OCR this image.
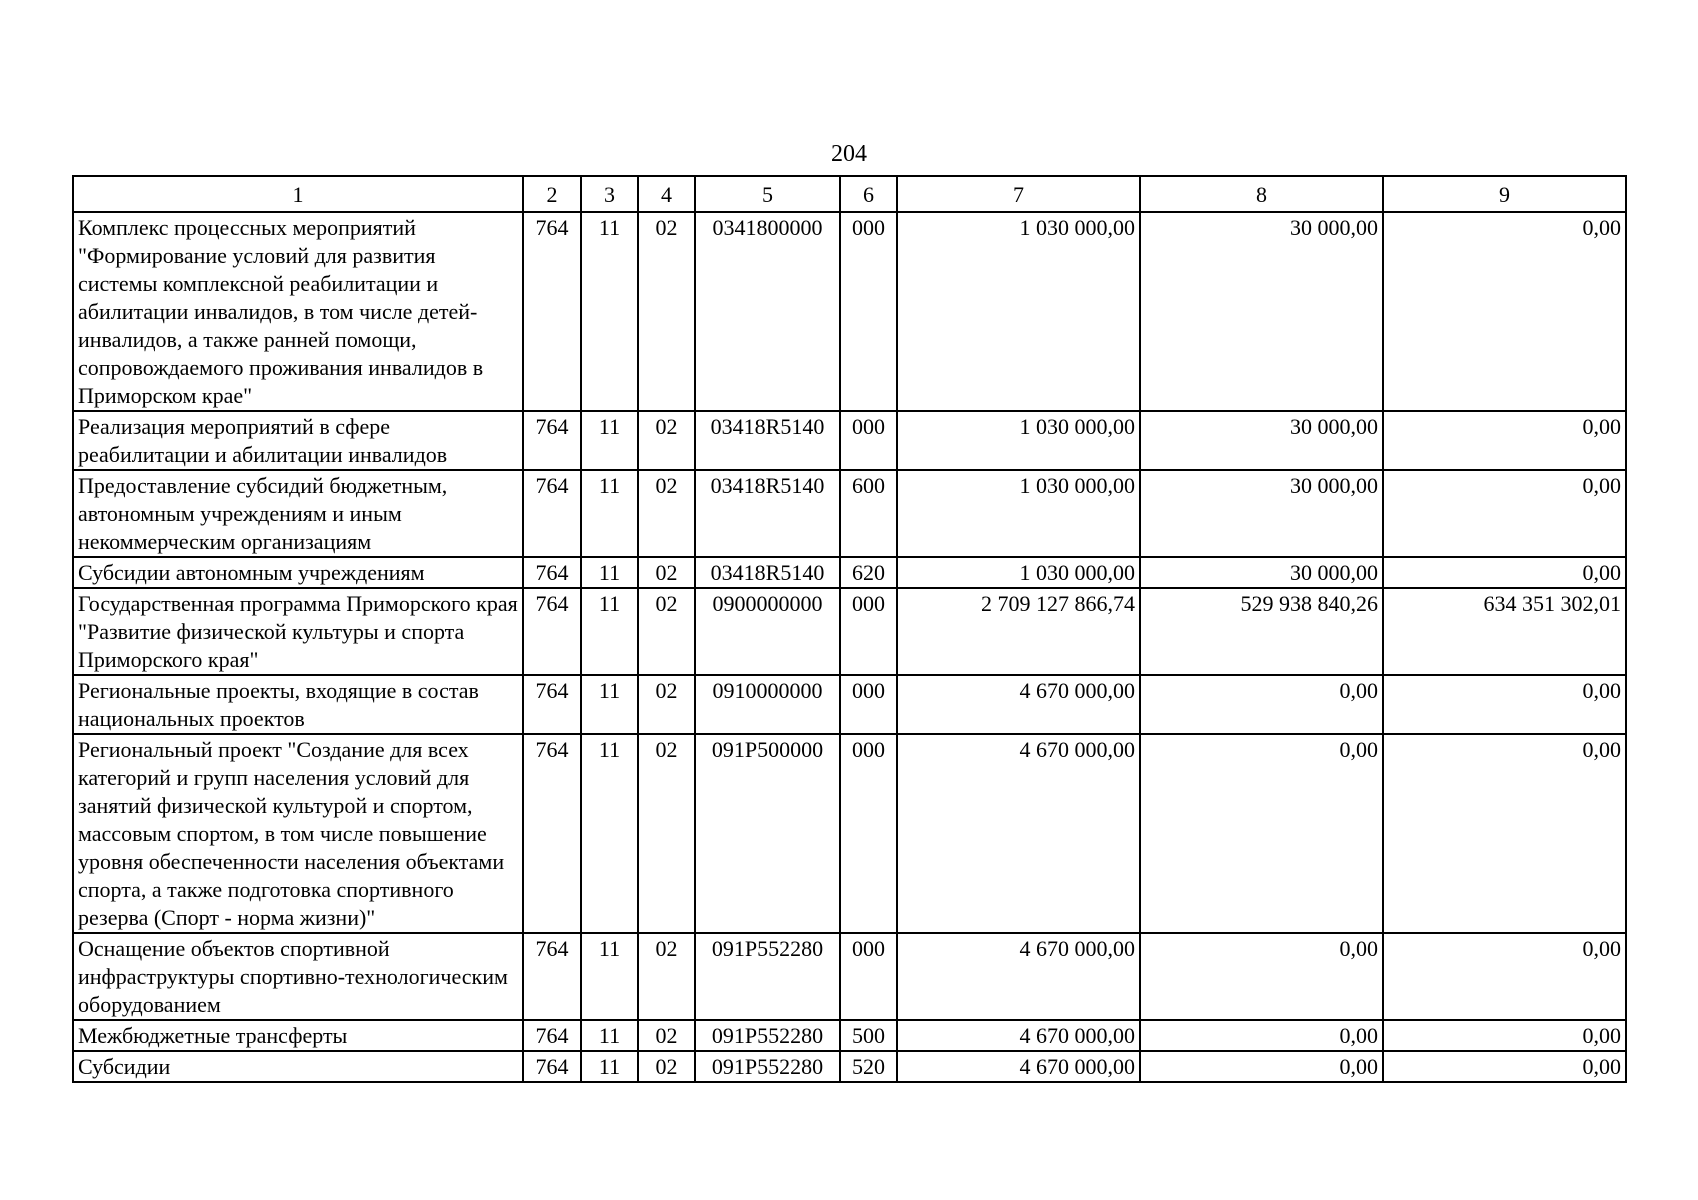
204
1	2	3	4	5	6	7	8	9
Комплекс процессных мероприятий "Формирование условий для развития системы комплексной реабилитации и абилитации инвалидов, в том числе детей-инвалидов, а также ранней помощи, сопровождаемого проживания инвалидов в Приморском крае"	764	11	02	0341800000	000	1 030 000,00	30 000,00	0,00
Реализация мероприятий в сфере реабилитации и абилитации инвалидов	764	11	02	03418R5140	000	1 030 000,00	30 000,00	0,00
Предоставление субсидий бюджетным, автономным учреждениям и иным некоммерческим организациям	764	11	02	03418R5140	600	1 030 000,00	30 000,00	0,00
Субсидии автономным учреждениям	764	11	02	03418R5140	620	1 030 000,00	30 000,00	0,00
Государственная программа Приморского края "Развитие физической культуры и спорта Приморского края"	764	11	02	0900000000	000	2 709 127 866,74	529 938 840,26	634 351 302,01
Региональные проекты, входящие в состав национальных проектов	764	11	02	0910000000	000	4 670 000,00	0,00	0,00
Региональный проект "Создание для всех категорий и групп населения условий для занятий физической культурой и спортом, массовым спортом, в том числе повышение уровня обеспеченности населения объектами спорта, а также подготовка спортивного резерва (Спорт - норма жизни)"	764	11	02	091P500000	000	4 670 000,00	0,00	0,00
Оснащение объектов спортивной инфраструктуры спортивно-технологическим оборудованием	764	11	02	091P552280	000	4 670 000,00	0,00	0,00
Межбюджетные трансферты	764	11	02	091P552280	500	4 670 000,00	0,00	0,00
Субсидии	764	11	02	091P552280	520	4 670 000,00	0,00	0,00
